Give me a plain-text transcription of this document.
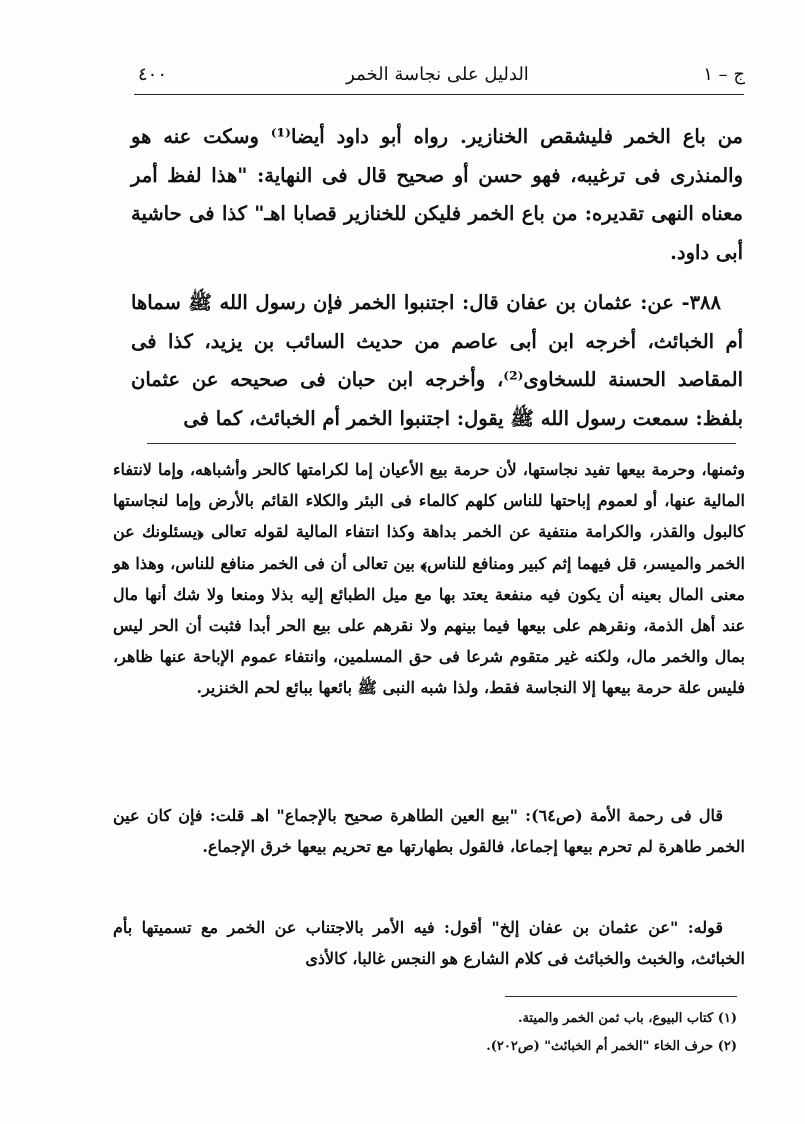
ج – ١
الدليل على نجاسة الخمر
٤٠٠
من باع الخمر فليشقص الخنازير. رواه أبو داود أيضا⁽¹⁾ وسكت عنه هو والمنذرى فى ترغيبه، فهو حسن أو صحيح قال فى النهاية: "هذا لفظ أمر معناه النهى تقديره: من باع الخمر فليكن للخنازير قصابا اهـ" كذا فى حاشية أبى داود.
٣٨٨- عن: عثمان بن عفان قال: اجتنبوا الخمر فإن رسول الله ﷺ سماها أم الخبائث، أخرجه ابن أبى عاصم من حديث السائب بن يزيد، كذا فى المقاصد الحسنة للسخاوى⁽²⁾، وأخرجه ابن حبان فى صحيحه عن عثمان بلفظ: سمعت رسول الله ﷺ يقول: اجتنبوا الخمر أم الخبائث، كما فى
وثمنها، وحرمة بيعها تفيد نجاستها، لأن حرمة بيع الأعيان إما لكرامتها كالحر وأشباهه، وإما لانتفاء المالية عنها، أو لعموم إباحتها للناس كلهم كالماء فى البئر والكلاء القائم بالأرض وإما لنجاستها كالبول والقذر، والكرامة منتفية عن الخمر بداهة وكذا انتفاء المالية لقوله تعالى ﴿يسئلونك عن الخمر والميسر، قل فيهما إثم كبير ومنافع للناس﴾ بين تعالى أن فى الخمر منافع للناس، وهذا هو معنى المال بعينه أن يكون فيه منفعة يعتد بها مع ميل الطبائع إليه بذلا ومنعا ولا شك أنها مال عند أهل الذمة، ونقرهم على بيعها فيما بينهم ولا نقرهم على بيع الحر أبدا فثبت أن الحر ليس بمال والخمر مال، ولكنه غير متقوم شرعا فى حق المسلمين، وانتفاء عموم الإباحة عنها ظاهر، فليس علة حرمة بيعها إلا النجاسة فقط، ولذا شبه النبى ﷺ بائعها ببائع لحم الخنزير.
قال فى رحمة الأمة (ص٦٤): "بيع العين الطاهرة صحيح بالإجماع" اهـ قلت: فإن كان عين الخمر طاهرة لم تحرم بيعها إجماعا، فالقول بطهارتها مع تحريم بيعها خرق الإجماع.
قوله: "عن عثمان بن عفان إلخ" أقول: فيه الأمر بالاجتناب عن الخمر مع تسميتها بأم الخبائث، والخبث والخبائث فى كلام الشارع هو النجس غالبا، كالأذى
(١) كتاب البيوع، باب ثمن الخمر والميتة.
(٢) حرف الخاء "الخمر أم الخبائث" (ص٢٠٢).
